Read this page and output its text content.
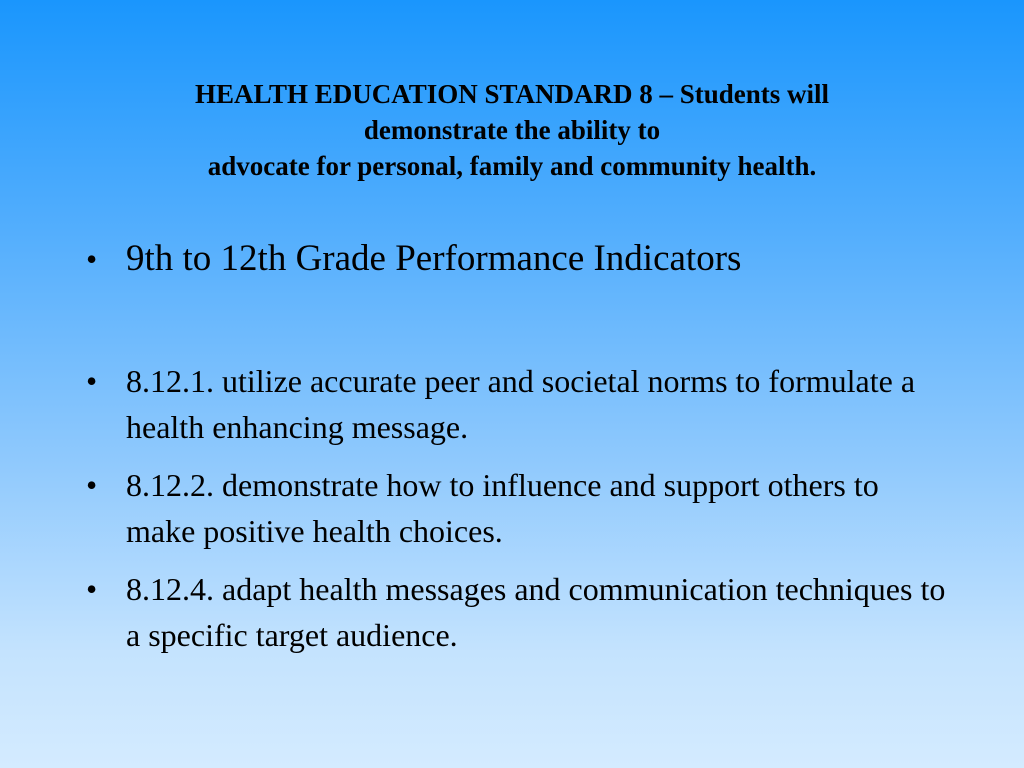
HEALTH EDUCATION STANDARD 8 – Students will
demonstrate the ability to
advocate for personal, family and community health.
• 9th to 12th Grade Performance Indicators
• 8.12.1. utilize accurate peer and societal norms to formulate a health enhancing message.
• 8.12.2. demonstrate how to influence and support others to make positive health choices.
• 8.12.4. adapt health messages and communication techniques to a specific target audience.
